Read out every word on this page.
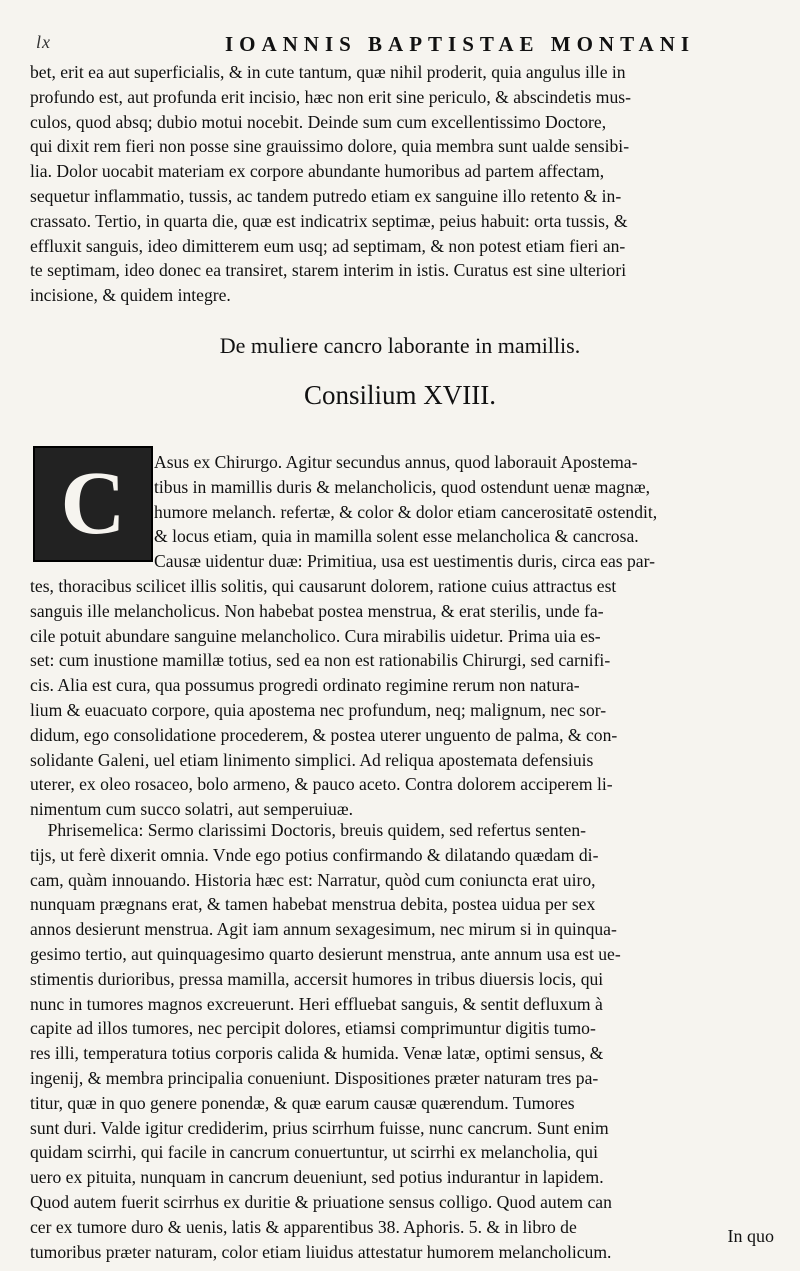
lx	IOANNIS BAPTISTAE MONTANI
bet, erit ea aut superficialis, & in cute tantum, quæ nihil proderit, quia angulus ille in
profundo est, aut profunda erit incisio, hæc non erit sine periculo, & abscindetis mus-
culos, quod absq; dubio motui nocebit. Deinde sum cum excellentissimo Doctore,
qui dixit rem fieri non posse sine grauissimo dolore, quia membra sunt ualde sensibi-
lia. Dolor uocabit materiam ex corpore abundante humoribus ad partem affectam,
sequetur inflammatio, tussis, ac tandem putredo etiam ex sanguine illo retento & in-
crassato. Tertio, in quarta die, quæ est indicatrix septimæ, peius habuit: orta tussis, &
effluxit sanguis, ideo dimitterem eum usq; ad septimam, & non potest etiam fieri an-
te septimam, ideo donec ea transiret, starem interim in istis. Curatus est sine ulteriori
incisione, & quidem integre.
De muliere cancro laborante in mamillis.
Consilium XVIII.
C	Asus ex Chirurgo. Agitur secundus annus, quod laborauit Apostema-
tibus in mamillis duris & melancholicis, quod ostendunt uenæ magnæ,
humore melanch. refertæ, & color & dolor etiam cancerositatē ostendit,
& locus etiam, quia in mamilla solent esse melancholica & cancrosa.
Causæ uidentur duæ: Primitiua, usa est uestimentis duris, circa eas par-
tes, thoracibus scilicet illis solitis, qui causarunt dolorem, ratione cuius attractus est
sanguis ille melancholicus. Non habebat postea menstrua, & erat sterilis, unde fa-
cile potuit abundare sanguine melancholico. Cura mirabilis uidetur. Prima uia es-
set: cum inustione mamillæ totius, sed ea non est rationabilis Chirurgi, sed carnifi-
cis. Alia est cura, qua possumus progredi ordinato regimine rerum non natura-
lium & euacuato corpore, quia apostema nec profundum, neq; malignum, nec sor-
didum, ego consolidatione procederem, & postea uterer unguento de palma, & con-
solidante Galeni, uel etiam linimento simplici. Ad reliqua apostemata defensiuis
uterer, ex oleo rosaceo, bolo armeno, & pauco aceto. Contra dolorem acciperem li-
nimentum cum succo solatri, aut semperuiuæ.
Phrisemelica: Sermo clarissimi Doctoris, breuis quidem, sed refertus senten-
tijs, ut ferè dixerit omnia. Vnde ego potius confirmando & dilatando quædam di-
cam, quàm innouando. Historia hæc est: Narratur, quòd cum coniuncta erat uiro,
nunquam prægnans erat, & tamen habebat menstrua debita, postea uidua per sex
annos desierunt menstrua. Agit iam annum sexagesimum, nec mirum si in quinqua-
gesimo tertio, aut quinquagesimo quarto desierunt menstrua, ante annum usa est ue-
stimentis durioribus, pressa mamilla, accersit humores in tribus diuersis locis, qui
nunc in tumores magnos excreuerunt. Heri effluebat sanguis, & sentit defluxum à
capite ad illos tumores, nec percipit dolores, etiamsi comprimuntur digitis tumo-
res illi, temperatura totius corporis calida & humida. Venæ latæ, optimi sensus, &
ingenij, & membra principalia conueniunt. Dispositiones præter naturam tres pa-
titur, quæ in quo genere ponendæ, & quæ earum causæ quærendum. Tumores
sunt duri. Valde igitur crediderim, prius scirrhum fuisse, nunc cancrum. Sunt enim
quidam scirrhi, qui facile in cancrum conuertuntur, ut scirrhi ex melancholia, qui
uero ex pituita, nunquam in cancrum deueniunt, sed potius indurantur in lapidem.
Quod autem fuerit scirrhus ex duritie & priuatione sensus colligo. Quod autem can
cer ex tumore duro & uenis, latis & apparentibus 38. Aphoris. 5. & in libro de
tumoribus præter naturam, color etiam liuidus attestatur humorem melancholicum.
In quo
